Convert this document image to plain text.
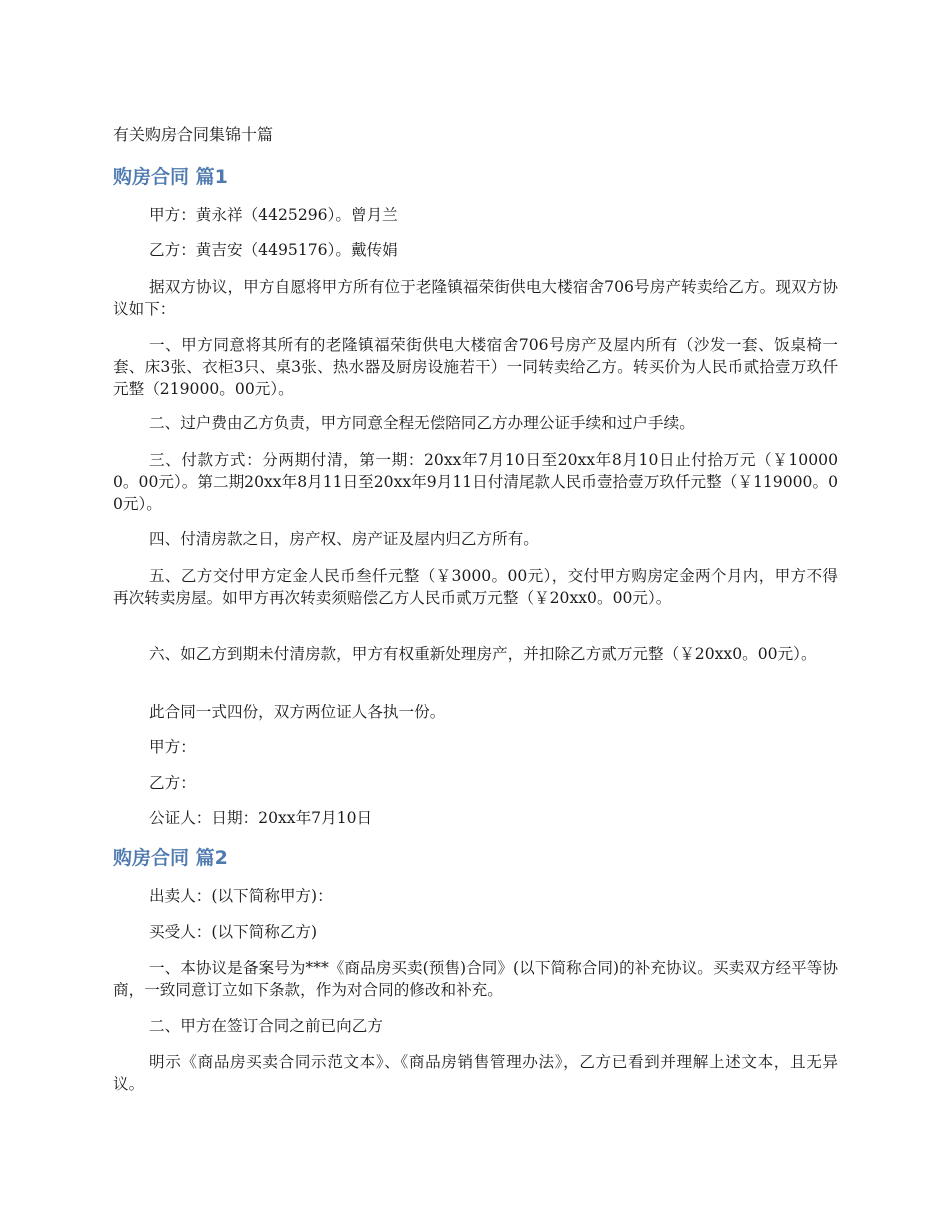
有关购房合同集锦十篇
购房合同 篇1

甲方：黄永祥（4425296）。曾月兰

乙方：黄吉安（4495176）。戴传娟

据双方协议，甲方自愿将甲方所有位于老隆镇福荣街供电大楼宿舍706号房产转卖给乙方。现双方协议如下：

一、甲方同意将其所有的老隆镇福荣街供电大楼宿舍706号房产及屋内所有（沙发一套、饭桌椅一套、床3张、衣柜3只、桌3张、热水器及厨房设施若干）一同转卖给乙方。转买价为人民币贰拾壹万玖仟元整（219000。00元）。

二、过户费由乙方负责，甲方同意全程无偿陪同乙方办理公证手续和过户手续。

三、付款方式：分两期付清，第一期：20xx年7月10日至20xx年8月10日止付拾万元（￥100000。00元）。第二期20xx年8月11日至20xx年9月11日付清尾款人民币壹拾壹万玖仟元整（￥119000。00元）。

四、付清房款之日，房产权、房产证及屋内归乙方所有。

五、乙方交付甲方定金人民币叁仟元整（￥3000。00元），交付甲方购房定金两个月内，甲方不得再次转卖房屋。如甲方再次转卖须赔偿乙方人民币贰万元整（￥20xx0。00元）。

六、如乙方到期未付清房款，甲方有权重新处理房产，并扣除乙方贰万元整（￥20xx0。00元）。

此合同一式四份，双方两位证人各执一份。

甲方：

乙方：

公证人：日期：20xx年7月10日

购房合同 篇2

出卖人：(以下简称甲方)：

买受人：(以下简称乙方)

一、本协议是备案号为***《商品房买卖(预售)合同》(以下简称合同)的补充协议。买卖双方经平等协商，一致同意订立如下条款，作为对合同的修改和补充。

二、甲方在签订合同之前已向乙方

明示《商品房买卖合同示范文本》、《商品房销售管理办法》，乙方已看到并理解上述文本，且无异议。
